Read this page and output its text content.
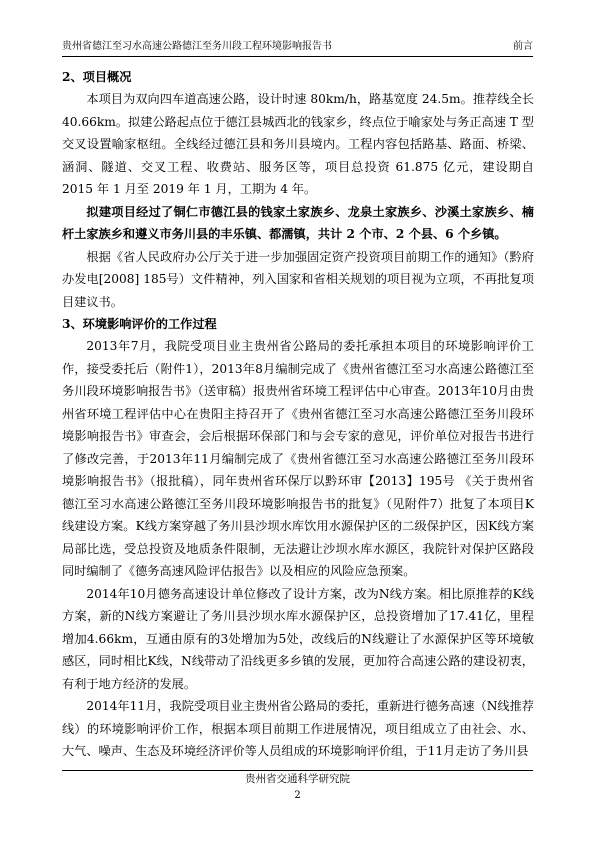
贵州省德江至习水高速公路德江至务川段工程环境影响报告书	前言
2、项目概况

本项目为双向四车道高速公路，设计时速 80km/h，路基宽度 24.5m。推荐线全长 40.66km。拟建公路起点位于德江县城西北的钱家乡，终点位于喻家处与务正高速 T 型交叉设置喻家枢纽。全线经过德江县和务川县境内。工程内容包括路基、路面、桥梁、涵洞、隧道、交叉工程、收费站、服务区等，项目总投资 61.875 亿元，建设期自 2015 年 1 月至 2019 年 1 月，工期为 4 年。

拟建项目经过了铜仁市德江县的钱家土家族乡、龙泉土家族乡、沙溪土家族乡、楠杆土家族乡和遵义市务川县的丰乐镇、都濡镇，共计 2 个市、2 个县、6 个乡镇。

根据《省人民政府办公厅关于进一步加强固定资产投资项目前期工作的通知》（黔府办发电[2008] 185号）文件精神，列入国家和省相关规划的项目视为立项，不再批复项目建议书。

3、环境影响评价的工作过程

2013年7月，我院受项目业主贵州省公路局的委托承担本项目的环境影响评价工作，接受委托后（附件1），2013年8月编制完成了《贵州省德江至习水高速公路德江至务川段环境影响报告书》（送审稿）报贵州省环境工程评估中心审查。2013年10月由贵州省环境工程评估中心在贵阳主持召开了《贵州省德江至习水高速公路德江至务川段环境影响报告书》审查会，会后根据环保部门和与会专家的意见，评价单位对报告书进行了修改完善，于2013年11月编制完成了《贵州省德江至习水高速公路德江至务川段环境影响报告书》（报批稿），同年贵州省环保厅以黔环审【2013】195号 《关于贵州省德江至习水高速公路德江至务川段环境影响报告书的批复》（见附件7）批复了本项目K线建设方案。K线方案穿越了务川县沙坝水库饮用水源保护区的二级保护区，因K线方案局部比选，受总投资及地质条件限制，无法避让沙坝水库水源区，我院针对保护区路段同时编制了《德务高速风险评估报告》以及相应的风险应急预案。

2014年10月德务高速设计单位修改了设计方案，改为N线方案。相比原推荐的K线方案，新的N线方案避让了务川县沙坝水库水源保护区，总投资增加了17.41亿，里程增加4.66km，互通由原有的3处增加为5处，改线后的N线避让了水源保护区等环境敏感区，同时相比K线，N线带动了沿线更多乡镇的发展，更加符合高速公路的建设初衷，有利于地方经济的发展。

2014年11月，我院受项目业主贵州省公路局的委托，重新进行德务高速（N线推荐线）的环境影响评价工作，根据本项目前期工作进展情况，项目组成立了由社会、水、大气、噪声、生态及环境经济评价等人员组成的环境影响评价组，于11月走访了务川县

贵州省交通科学研究院
2
